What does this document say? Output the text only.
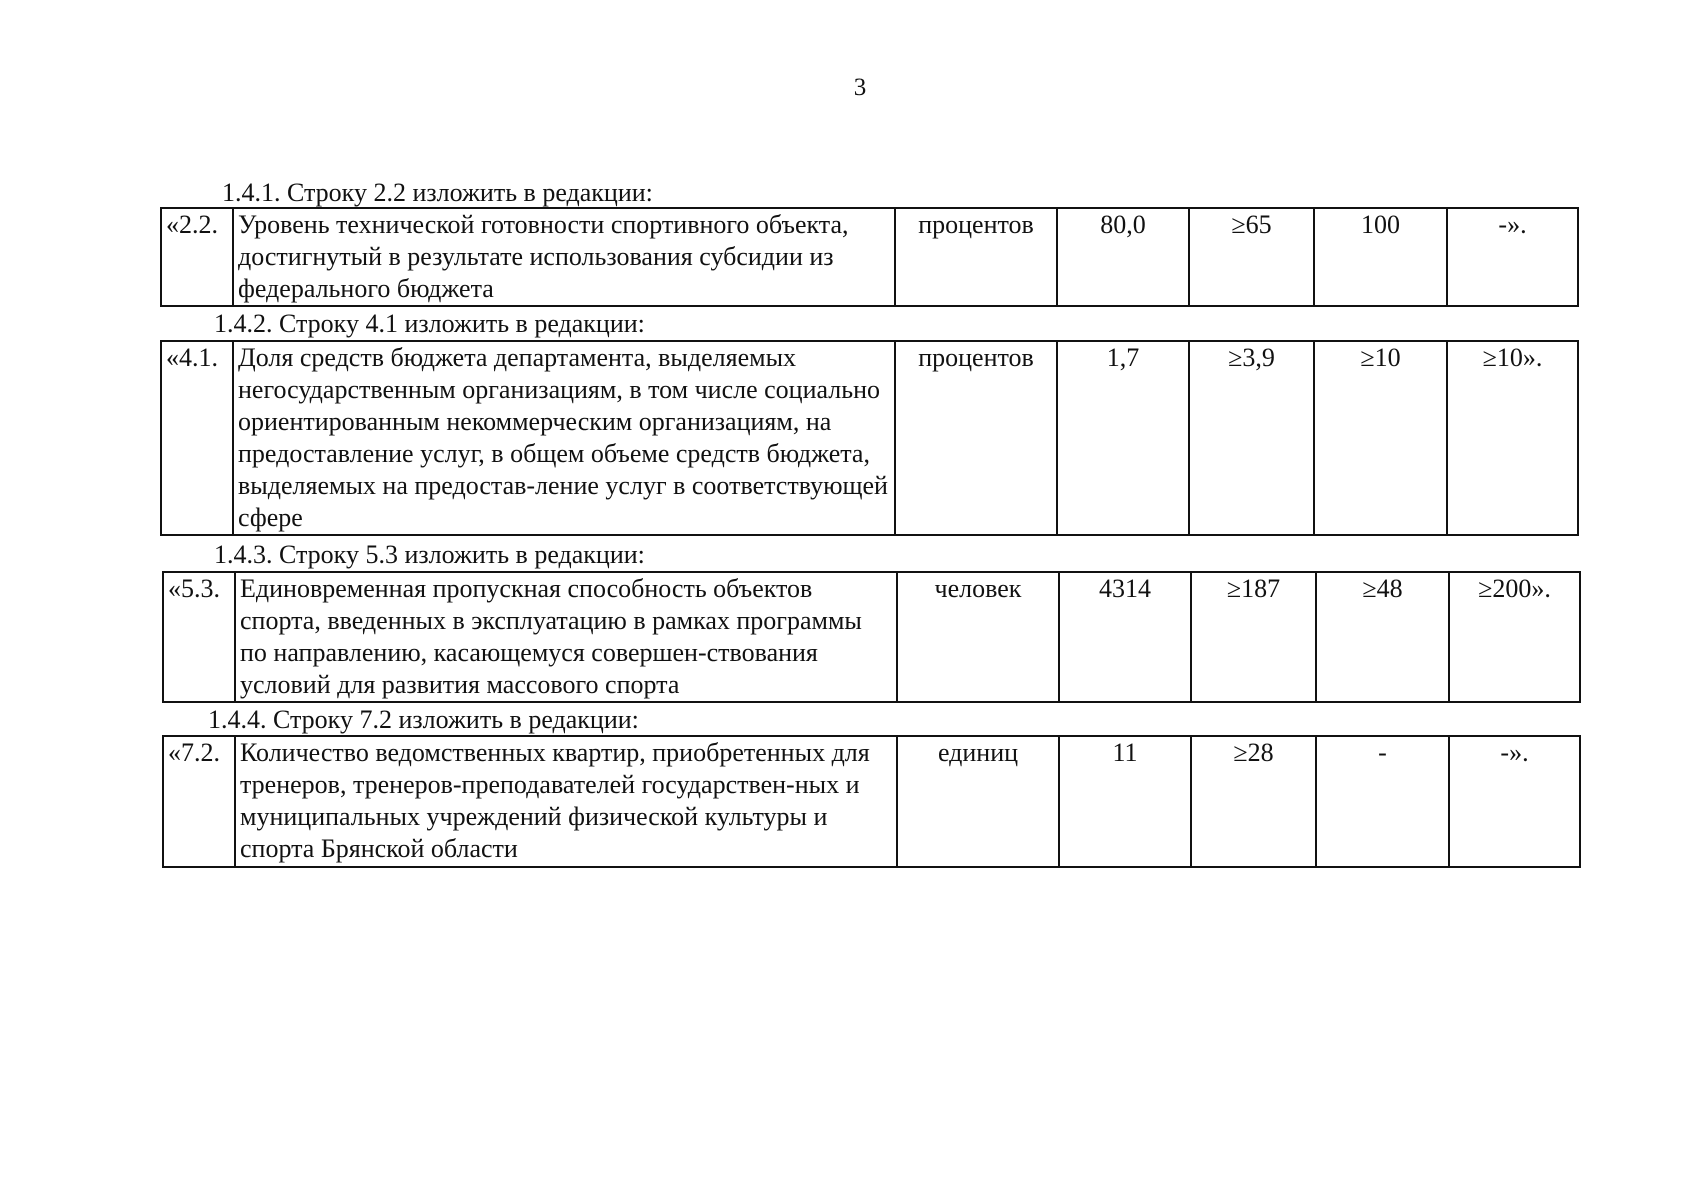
3
1.4.1. Строку 2.2 изложить в редакции:
«2.2.	Уровень технической готовности спортивного объекта, достигнутый в результате использования субсидии из федерального бюджета	процентов	80,0	≥65	100	-».
1.4.2. Строку 4.1 изложить в редакции:
«4.1.	Доля средств бюджета департамента, выделяемых негосударственным организациям, в том числе социально ориентированным некоммерческим организациям, на предоставление услуг, в общем объеме средств бюджета, выделяемых на предостав-ление услуг в соответствующей сфере	процентов	1,7	≥3,9	≥10	≥10».
1.4.3. Строку 5.3 изложить в редакции:
«5.3.	Единовременная пропускная способность объектов спорта, введенных в эксплуатацию в рамках программы по направлению, касающемуся совершен-ствования условий для развития массового спорта	человек	4314	≥187	≥48	≥200».
1.4.4. Строку 7.2 изложить в редакции:
«7.2.	Количество ведомственных квартир, приобретенных для тренеров, тренеров-преподавателей государствен-ных и муниципальных учреждений физической культуры и спорта Брянской области	единиц	11	≥28	-	-».
